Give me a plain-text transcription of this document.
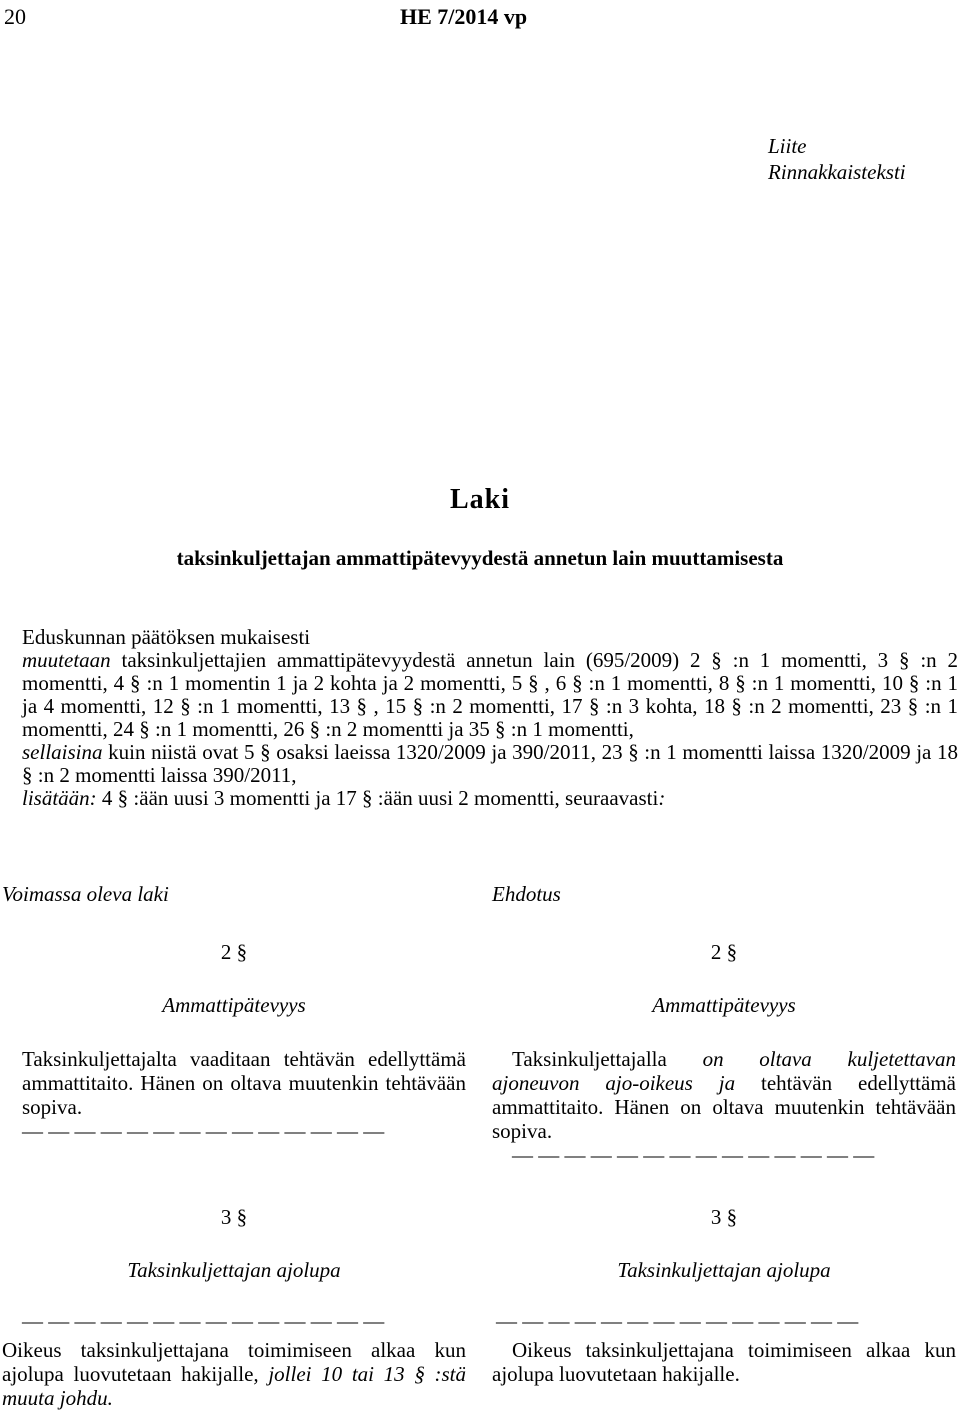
20	HE 7/2014 vp
Liite
Rinnakkaisteksti
Laki
taksinkuljettajan ammattipätevyydestä annetun lain muuttamisesta

Eduskunnan päätöksen mukaisesti

muutetaan taksinkuljettajien ammattipätevyydestä annetun lain (695/2009) 2 § :n 1 momentti, 3 § :n 2 momentti, 4 § :n 1 momentin 1 ja 2 kohta ja 2 momentti, 5 § , 6 § :n 1 momentti, 8 § :n 1 momentti, 10 § :n 1 ja 4 momentti, 12 § :n 1 momentti, 13 § , 15 § :n 2 momentti, 17 § :n 3 kohta, 18 § :n 2 momentti, 23 § :n 1 momentti, 24 § :n 1 momentti, 26 § :n 2 momentti ja 35 § :n 1 momentti,

sellaisina kuin niistä ovat 5 § osaksi laeissa 1320/2009 ja 390/2011, 23 § :n 1 momentti laissa 1320/2009 ja 18 § :n 2 momentti laissa 390/2011,

lisätään: 4 § :ään uusi 3 momentti ja 17 § :ään uusi 2 momentti, seuraavasti:

Voimassa oleva laki	Ehdotus
2 §
Ammattipätevyys
Taksinkuljettajalta vaaditaan tehtävän edellyttämä ammattitaito. Hänen on oltava muutenkin tehtävään sopiva.
— — — — — — — — — — — — — —
3 §
Taksinkuljettajan ajolupa
— — — — — — — — — — — — — —
Oikeus taksinkuljettajana toimimiseen alkaa kun ajolupa luovutetaan hakijalle, jollei 10 tai 13 § :stä muuta johdu.
2 §
Ammattipätevyys
Taksinkuljettajalla on oltava kuljetettavan ajoneuvon ajo-oikeus ja tehtävän edellyttämä ammattitaito. Hänen on oltava muutenkin tehtävään sopiva.
— — — — — — — — — — — — — —
3 §
Taksinkuljettajan ajolupa
— — — — — — — — — — — — — —
Oikeus taksinkuljettajana toimimiseen alkaa kun ajolupa luovutetaan hakijalle.
